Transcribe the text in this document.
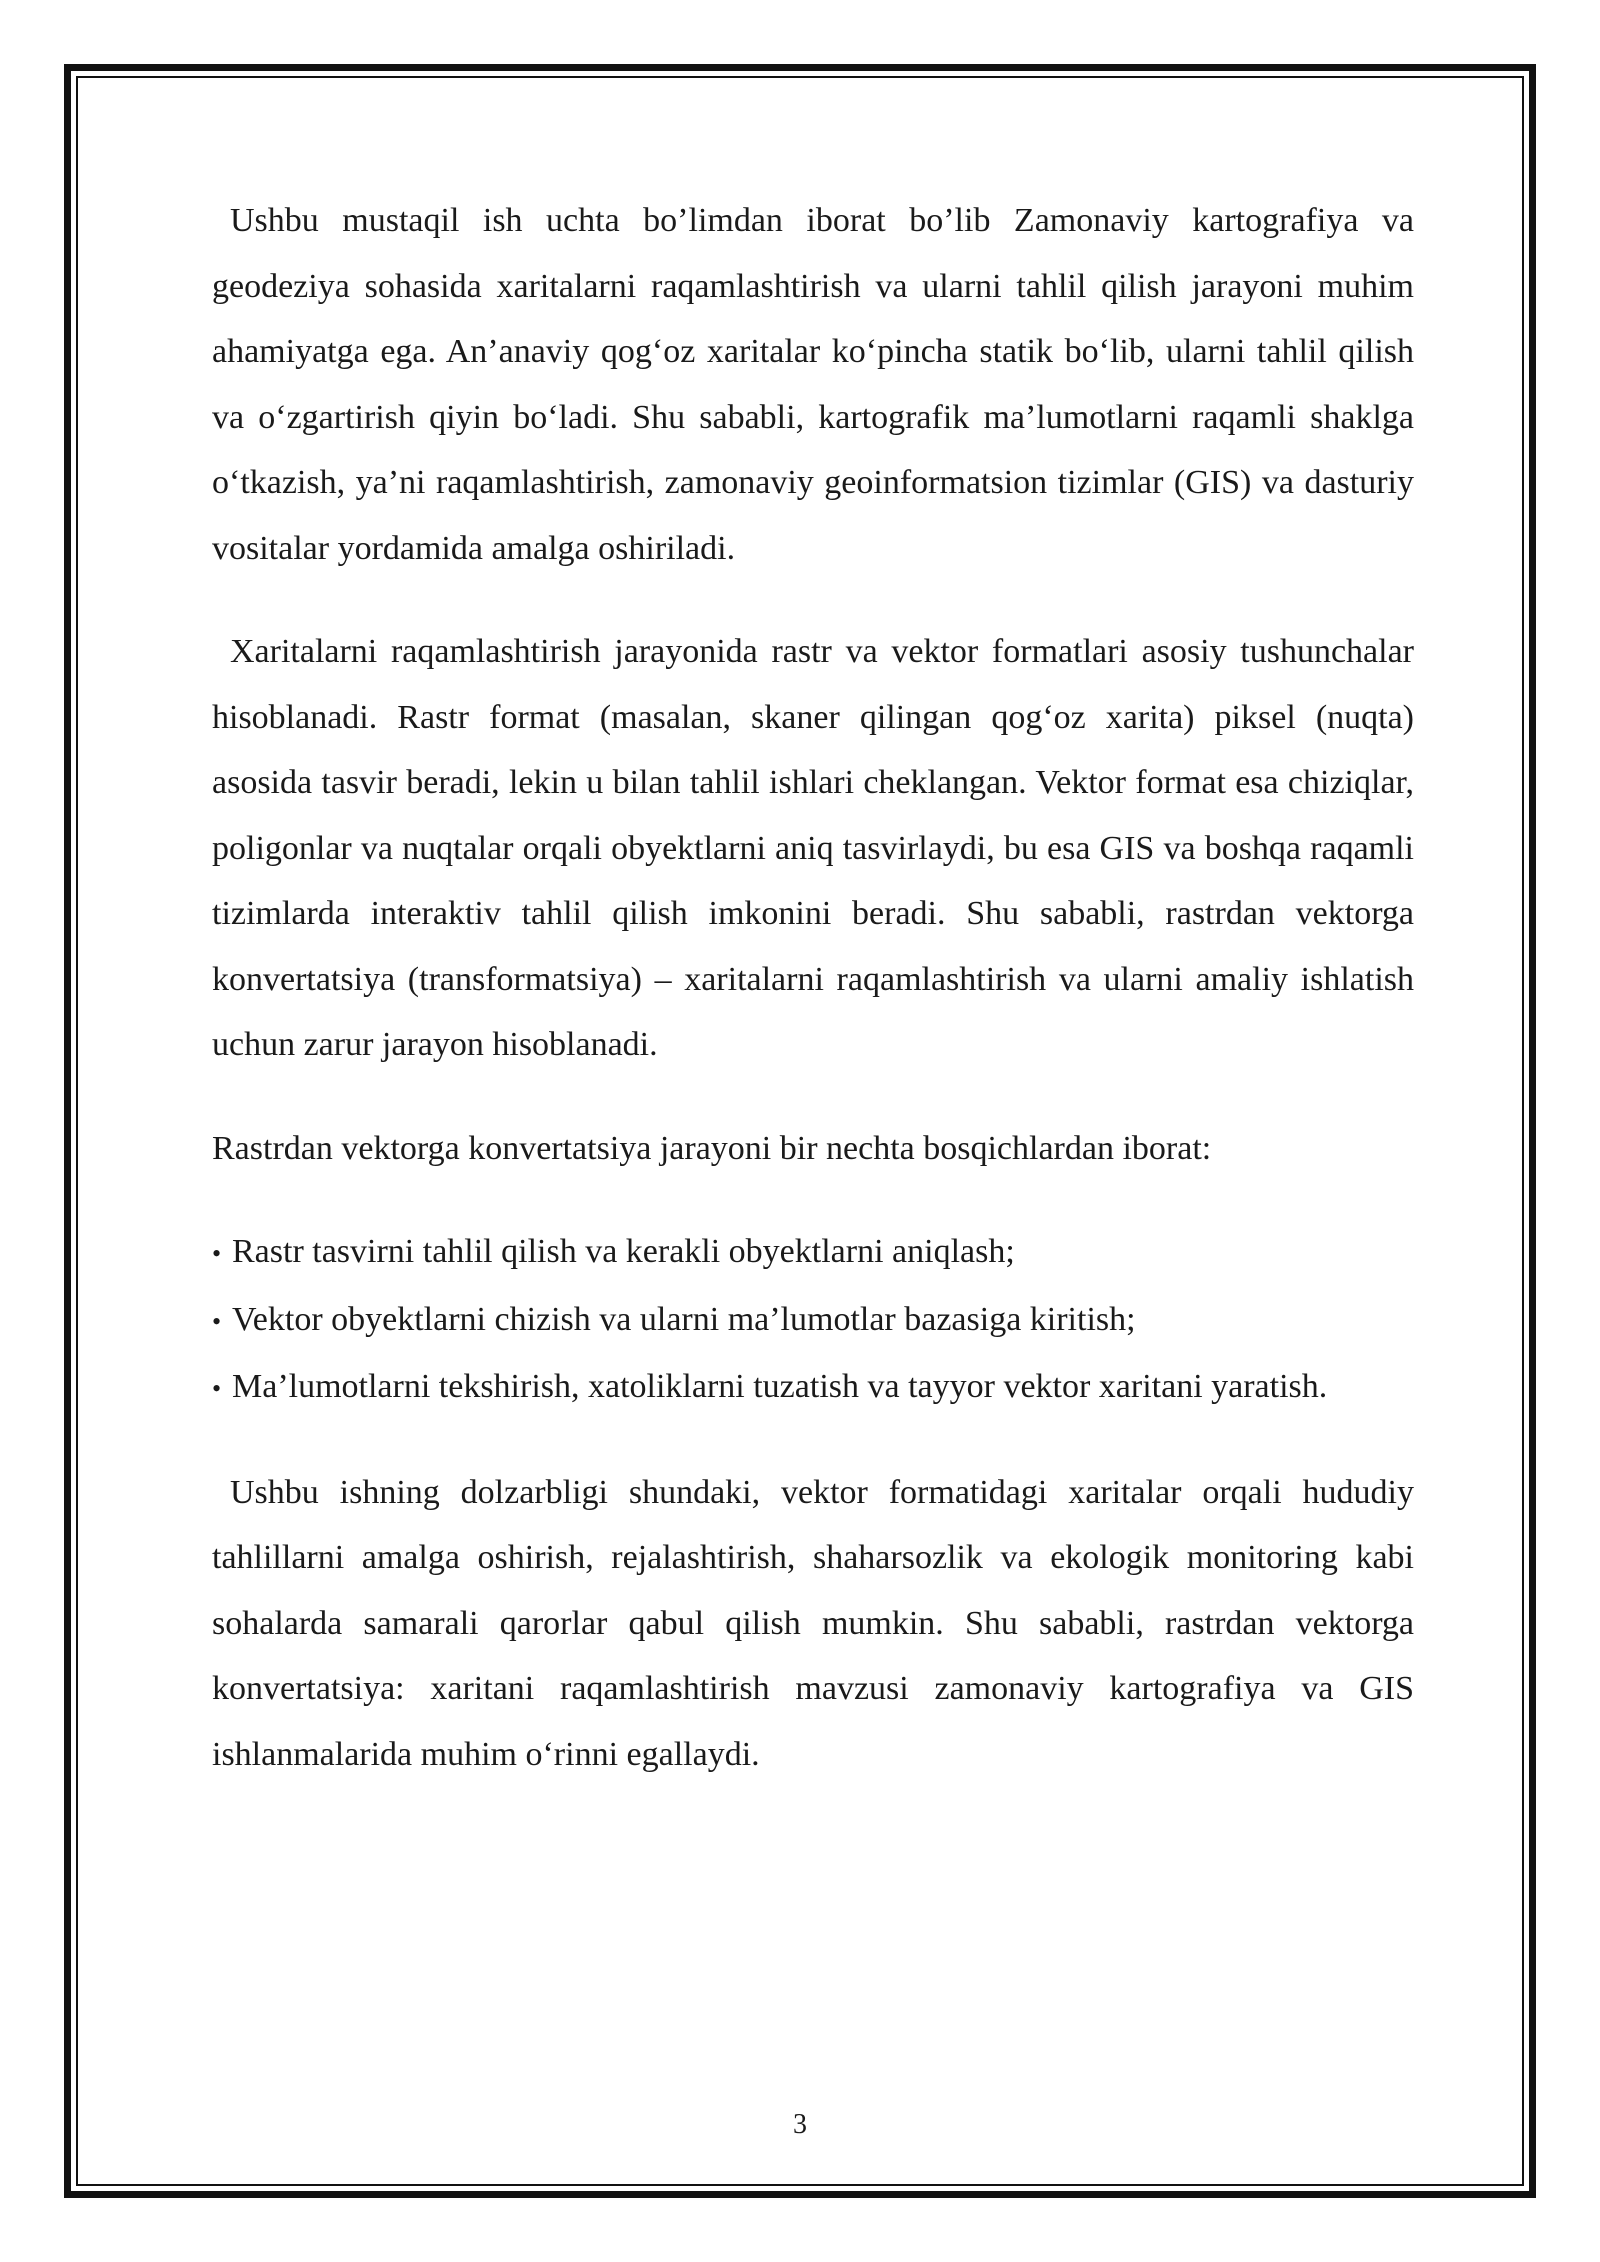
Ushbu mustaqil ish uchta bo’limdan iborat bo’lib Zamonaviy kartografiya va geodeziya sohasida xaritalarni raqamlashtirish va ularni tahlil qilish jarayoni muhim ahamiyatga ega. An’anaviy qog‘oz xaritalar ko‘pincha statik bo‘lib, ularni tahlil qilish va o‘zgartirish qiyin bo‘ladi. Shu sababli, kartografik ma’lumotlarni raqamli shaklga o‘tkazish, ya’ni raqamlashtirish, zamonaviy geoinformatsion tizimlar (GIS) va dasturiy vositalar yordamida amalga oshiriladi.

Xaritalarni raqamlashtirish jarayonida rastr va vektor formatlari asosiy tushunchalar hisoblanadi. Rastr format (masalan, skaner qilingan qog‘oz xarita) piksel (nuqta) asosida tasvir beradi, lekin u bilan tahlil ishlari cheklangan. Vektor format esa chiziqlar, poligonlar va nuqtalar orqali obyektlarni aniq tasvirlaydi, bu esa GIS va boshqa raqamli tizimlarda interaktiv tahlil qilish imkonini beradi. Shu sababli, rastrdan vektorga konvertatsiya (transformatsiya) – xaritalarni raqamlashtirish va ularni amaliy ishlatish uchun zarur jarayon hisoblanadi.

Rastrdan vektorga konvertatsiya jarayoni bir nechta bosqichlardan iborat:

• Rastr tasvirni tahlil qilish va kerakli obyektlarni aniqlash;
• Vektor obyektlarni chizish va ularni ma’lumotlar bazasiga kiritish;
• Ma’lumotlarni tekshirish, xatoliklarni tuzatish va tayyor vektor xaritani yaratish.

Ushbu ishning dolzarbligi shundaki, vektor formatidagi xaritalar orqali hududiy tahlillarni amalga oshirish, rejalashtirish, shaharsozlik va ekologik monitoring kabi sohalarda samarali qarorlar qabul qilish mumkin. Shu sababli, rastrdan vektorga konvertatsiya: xaritani raqamlashtirish mavzusi zamonaviy kartografiya va GIS ishlanmalarida muhim o‘rinni egallaydi.

3
